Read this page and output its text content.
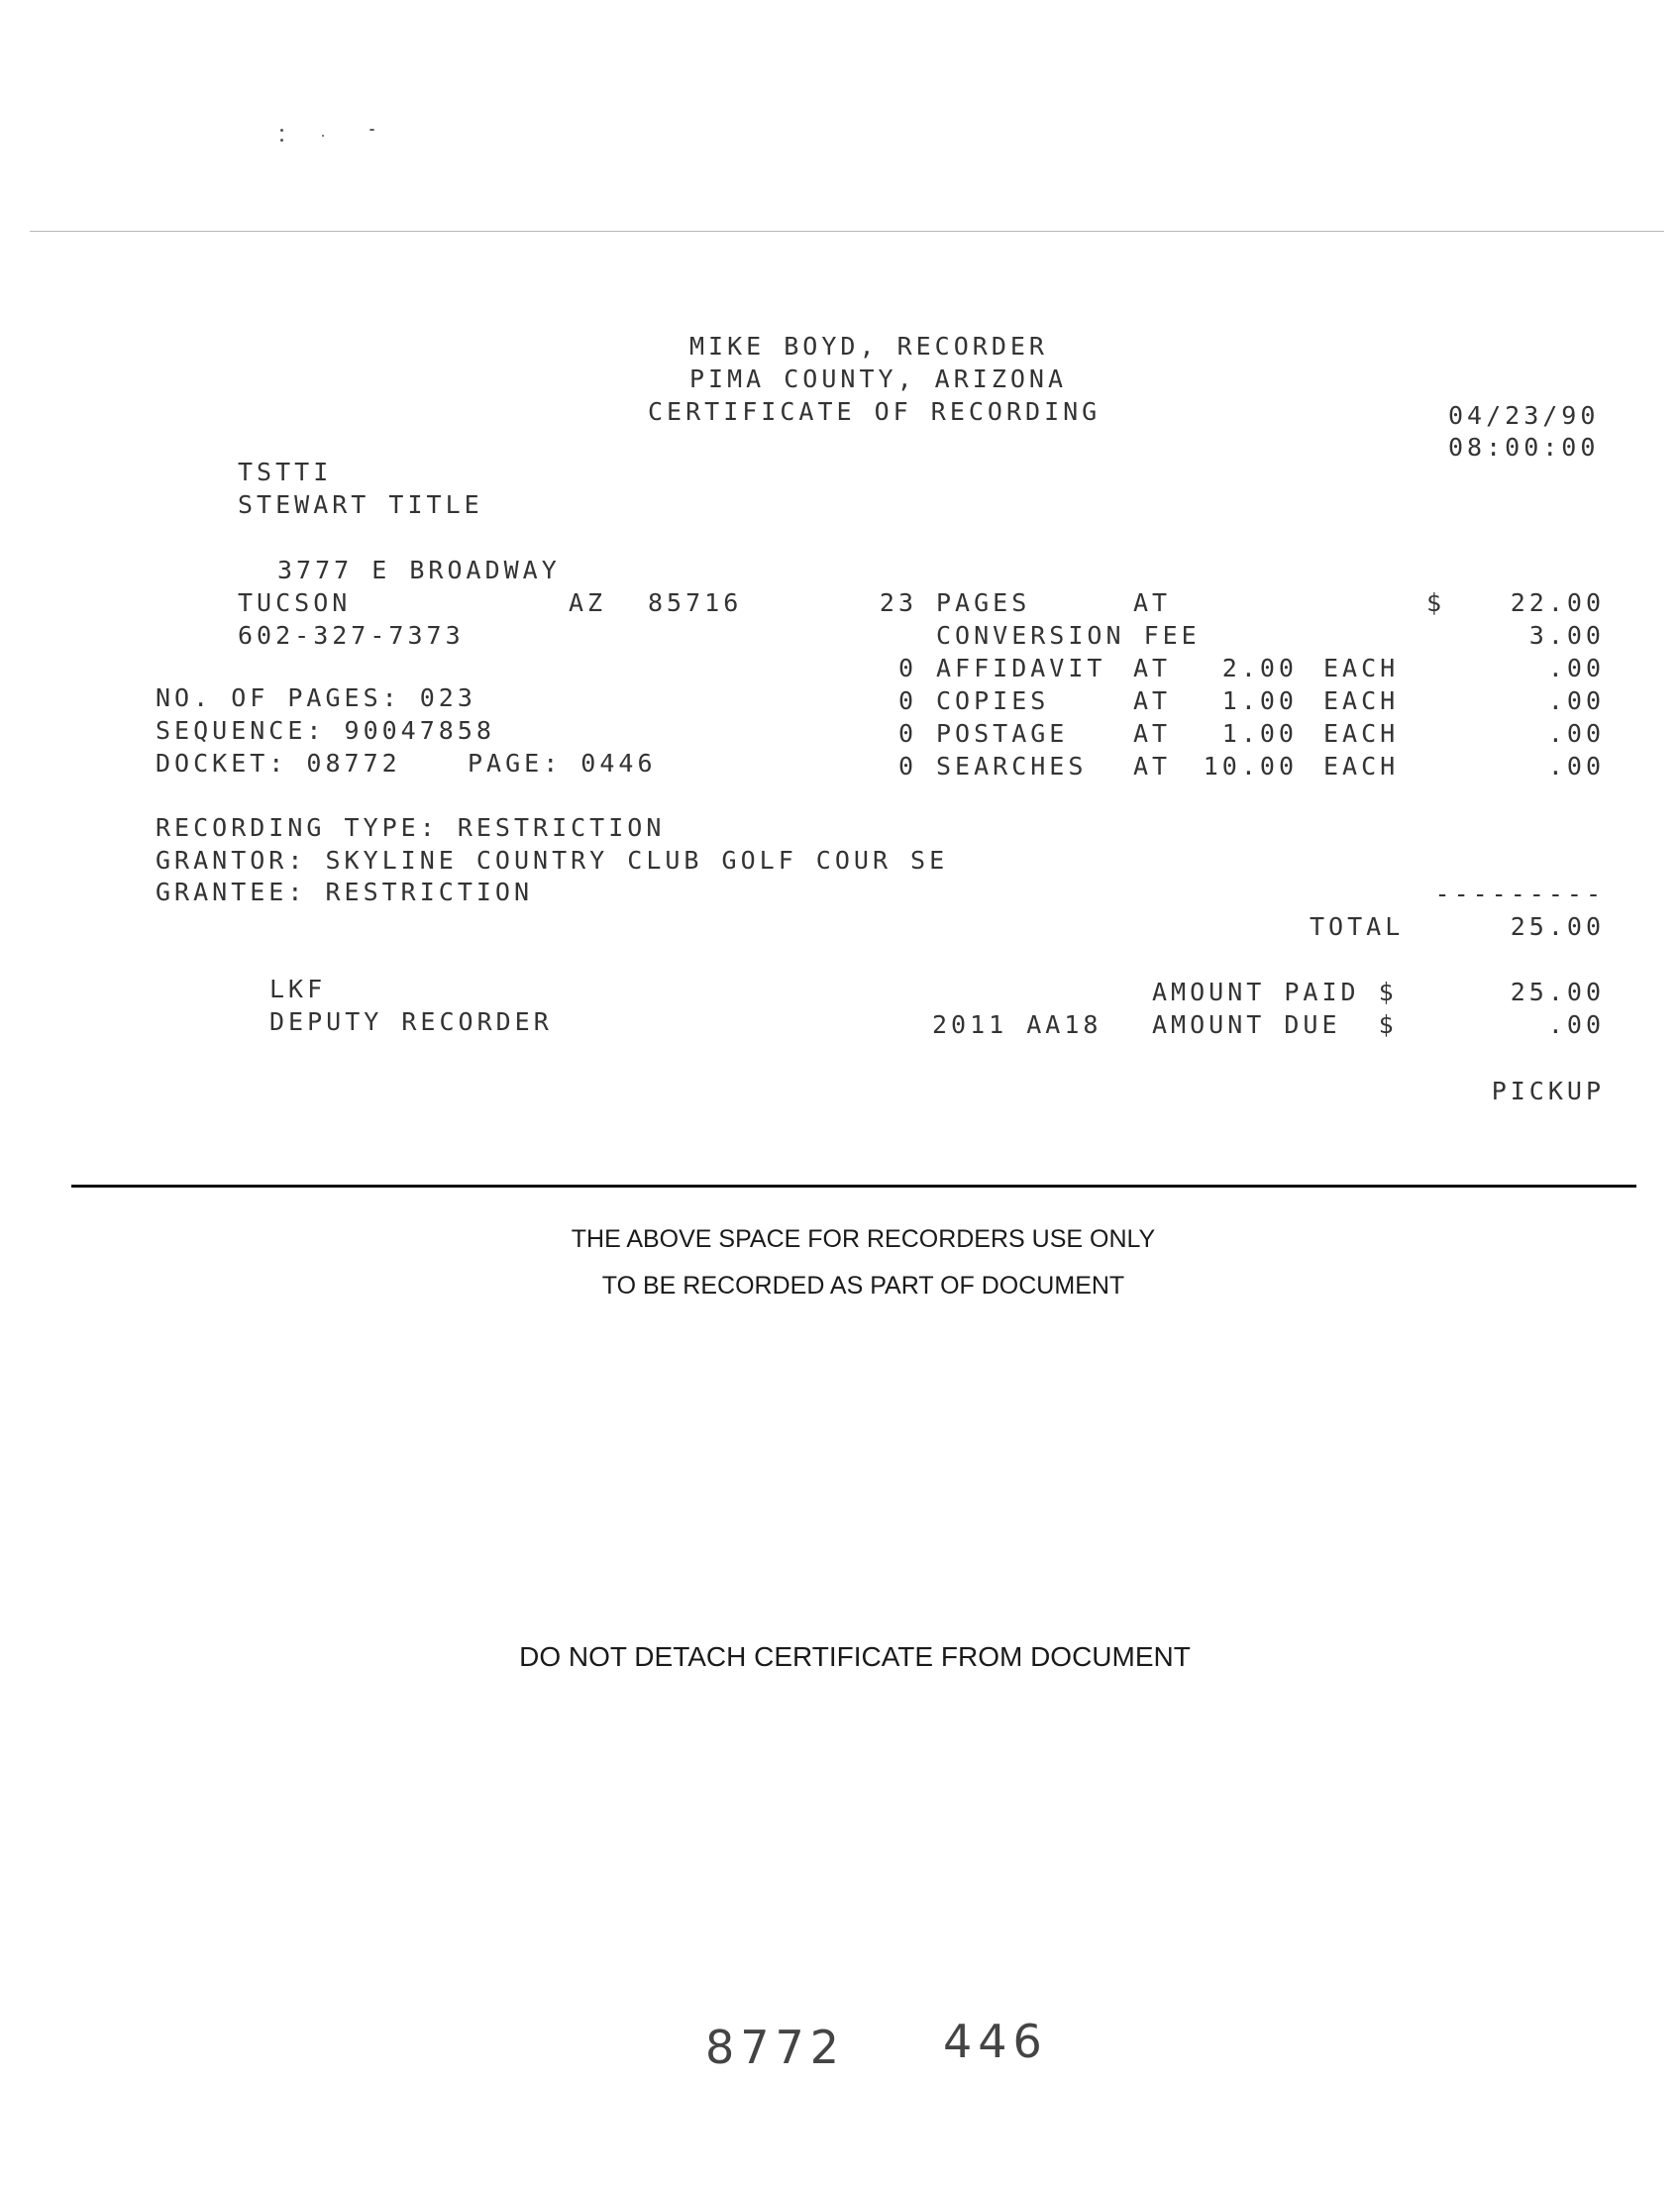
MIKE BOYD, RECORDER
PIMA COUNTY, ARIZONA
CERTIFICATE OF RECORDING	04/23/90
08:00:00
TSTTI
STEWART TITLE
3777 E BROADWAY
TUCSON	AZ 85716
602-327-7373
NO. OF PAGES: 023
SEQUENCE: 90047858
DOCKET: 08772	PAGE: 0446
23 PAGES	AT	$	22.00
CONVERSION FEE	3.00
0 AFFIDAVIT AT	2.00 EACH	.00
0 COPIES	AT	1.00 EACH	.00
0 POSTAGE	AT	1.00 EACH	.00
0 SEARCHES AT	10.00 EACH	.00
RECORDING TYPE: RESTRICTION
GRANTOR: SKYLINE COUNTRY CLUB GOLF COUR SE
GRANTEE: RESTRICTION	---------
TOTAL	25.00
LKF
DEPUTY RECORDER
AMOUNT PAID $	25.00
2011 AA18 AMOUNT DUE  $	.00
PICKUP
THE ABOVE SPACE FOR RECORDERS USE ONLY
TO BE RECORDED AS PART OF DOCUMENT
DO NOT DETACH CERTIFICATE FROM DOCUMENT
8772 446
